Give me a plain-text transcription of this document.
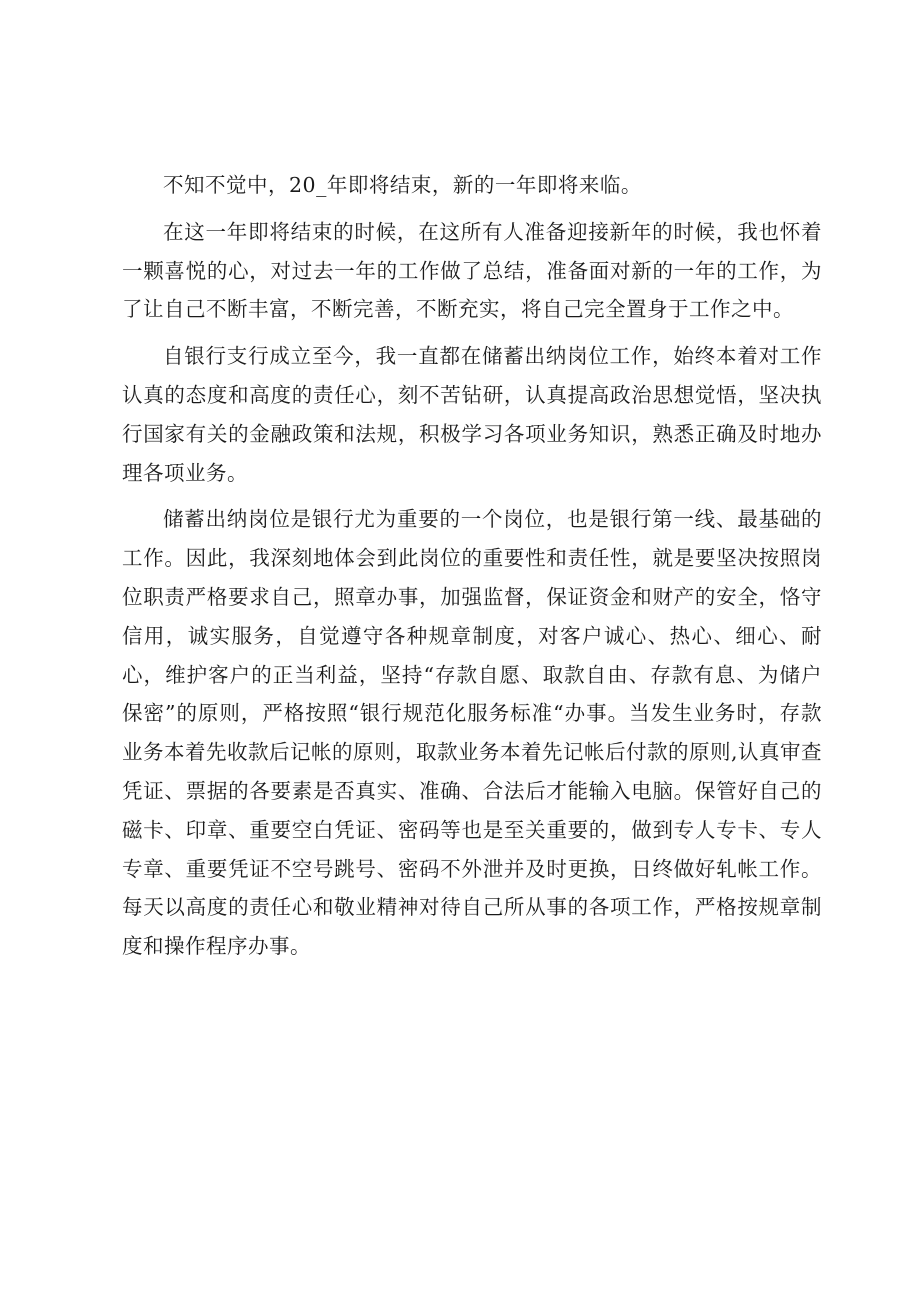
不知不觉中，20_年即将结束，新的一年即将来临。

在这一年即将结束的时候，在这所有人准备迎接新年的时候，我也怀着一颗喜悦的心，对过去一年的工作做了总结，准备面对新的一年的工作，为了让自己不断丰富，不断完善，不断充实，将自己完全置身于工作之中。

自银行支行成立至今，我一直都在储蓄出纳岗位工作，始终本着对工作认真的态度和高度的责任心，刻不苦钻研，认真提高政治思想觉悟，坚决执行国家有关的金融政策和法规，积极学习各项业务知识，熟悉正确及时地办理各项业务。

储蓄出纳岗位是银行尤为重要的一个岗位，也是银行第一线、最基础的工作。因此，我深刻地体会到此岗位的重要性和责任性，就是要坚决按照岗位职责严格要求自己，照章办事，加强监督，保证资金和财产的安全，恪守信用，诚实服务，自觉遵守各种规章制度，对客户诚心、热心、细心、耐心，维护客户的正当利益，坚持“存款自愿、取款自由、存款有息、为储户保密”的原则，严格按照“银行规范化服务标准“办事。当发生业务时，存款业务本着先收款后记帐的原则，取款业务本着先记帐后付款的原则,认真审查凭证、票据的各要素是否真实、准确、合法后才能输入电脑。保管好自己的磁卡、印章、重要空白凭证、密码等也是至关重要的，做到专人专卡、专人专章、重要凭证不空号跳号、密码不外泄并及时更换，日终做好轧帐工作。每天以高度的责任心和敬业精神对待自己所从事的各项工作，严格按规章制度和操作程序办事。
